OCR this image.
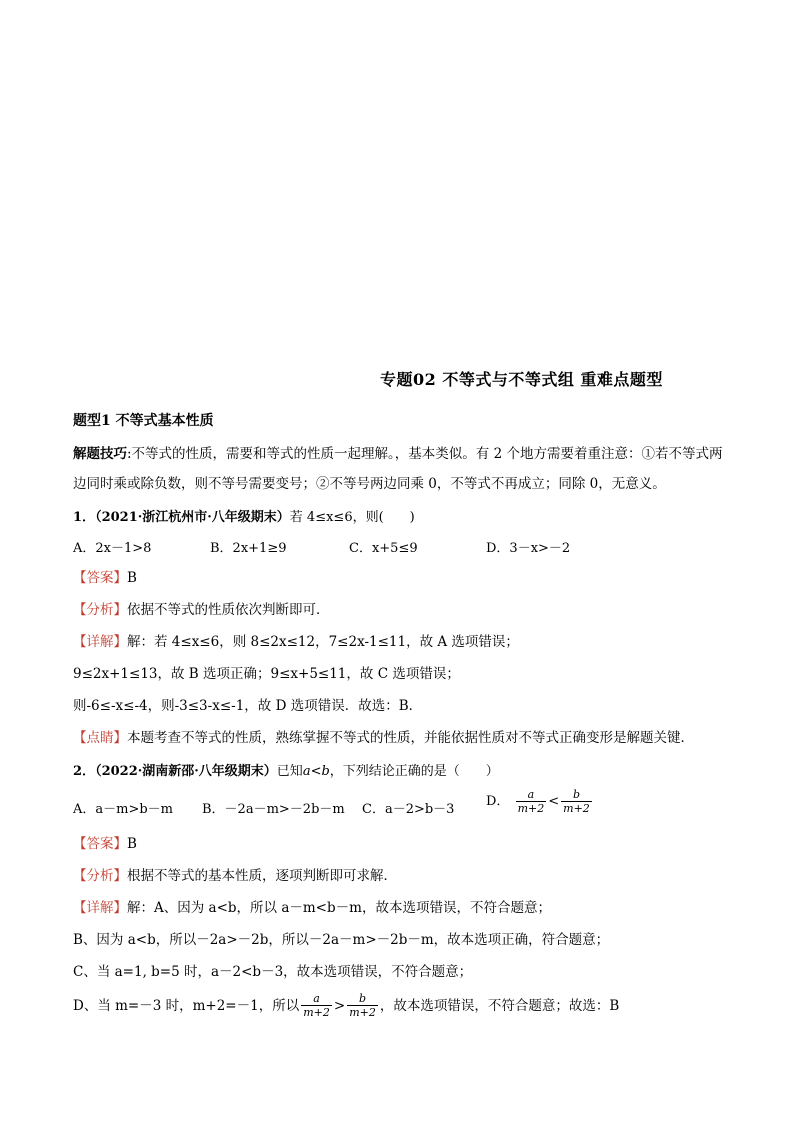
专题02 不等式与不等式组 重难点题型
题型1 不等式基本性质
解题技巧:不等式的性质，需要和等式的性质一起理解。，基本类似。有 2 个地方需要着重注意：①若不等式两边同时乘或除负数，则不等号需要变号；②不等号两边同乘 0，不等式不再成立；同除 0，无意义。
1．（2021·浙江杭州市·八年级期末）若 4≤x≤6，则(　　)
A．2x－1>8	B．2x+1≥9	C．x+5≤9	D．3－x>－2
【答案】B
【分析】依据不等式的性质依次判断即可．
【详解】解：若 4≤x≤6，则 8≤2x≤12，7≤2x-1≤11，故 A 选项错误；
9≤2x+1≤13，故 B 选项正确；9≤x+5≤11，故 C 选项错误；
则-6≤-x≤-4，则-3≤3-x≤-1，故 D 选项错误．故选：B．
【点睛】本题考查不等式的性质，熟练掌握不等式的性质，并能依据性质对不等式正确变形是解题关键．
2．（2022·湖南新邵·八年级期末）已知a<b，下列结论正确的是（　　）
A．a－m>b－m B．－2a－m>－2b－m C．a－2>b－3
D． $\frac{a}{m+2} < \frac{b}{m+2}$
【答案】B
【分析】根据不等式的基本性质，逐项判断即可求解．
【详解】解：A、因为 a<b，所以 a－m<b－m，故本选项错误，不符合题意；
B、因为 a<b，所以－2a>－2b，所以－2a－m>－2b－m，故本选项正确，符合题意；
C、当 a=1, b=5 时，a－2<b－3，故本选项错误，不符合题意；
D、当 m=－3 时，m+2=－1，所以 $\frac{a}{m+2} > \frac{b}{m+2}$ ，故本选项错误，不符合题意；故选：B
